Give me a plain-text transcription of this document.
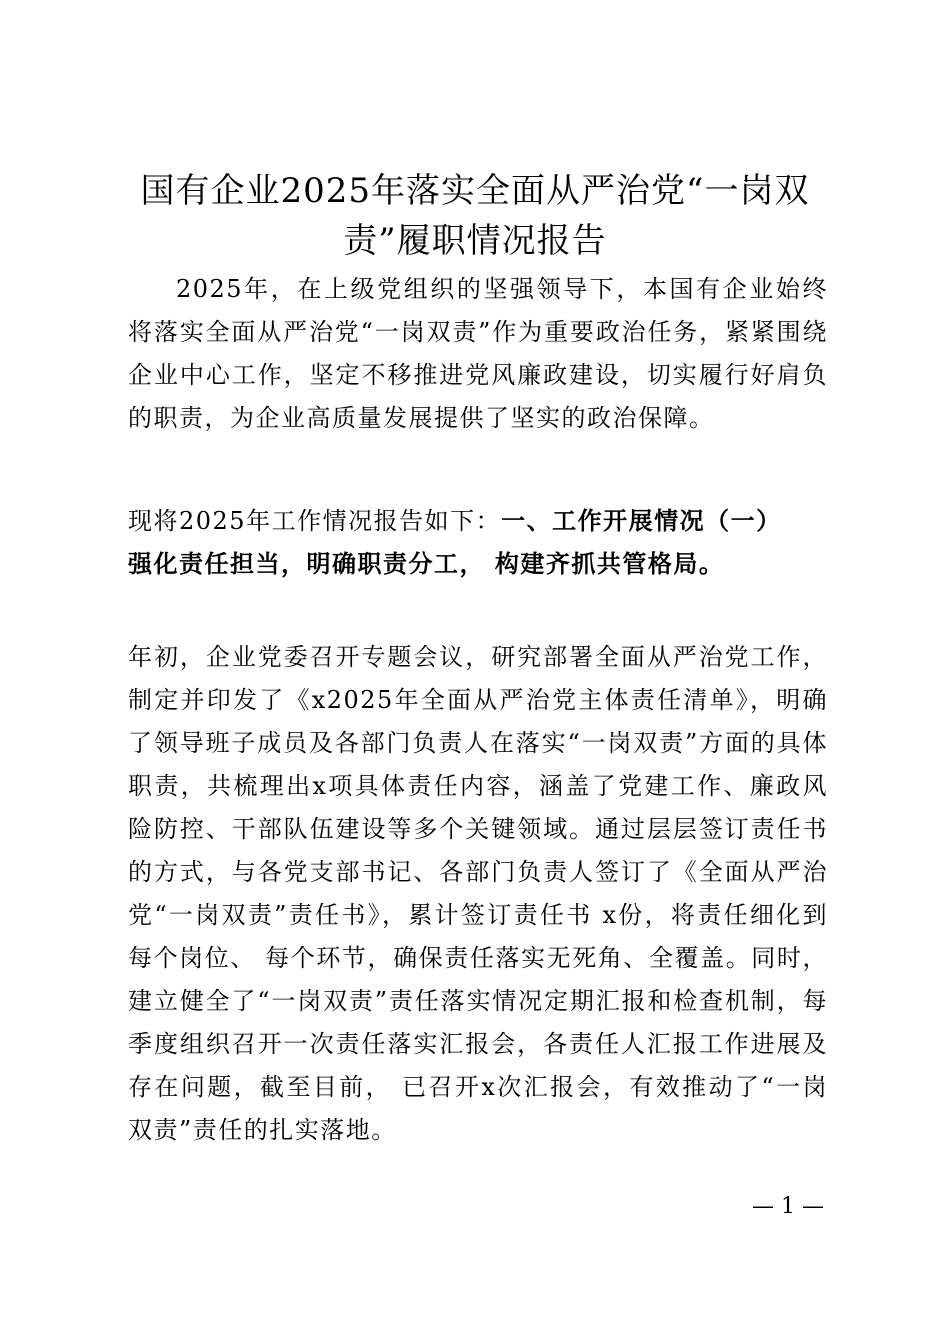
国有企业2025年落实全面从严治党“一岗双责”履职情况报告

2025年，在上级党组织的坚强领导下，本国有企业始终将落实全面从严治党“一岗双责”作为重要政治任务，紧紧围绕企业中心工作，坚定不移推进党风廉政建设，切实履行好肩负的职责，为企业高质量发展提供了坚实的政治保障。

现将2025年工作情况报告如下：一、工作开展情况（一）

强化责任担当，明确职责分工， 构建齐抓共管格局。

年初，企业党委召开专题会议，研究部署全面从严治党工作，制定并印发了《x2025年全面从严治党主体责任清单》，明确了领导班子成员及各部门负责人在落实“一岗双责”方面的具体职责，共梳理出x项具体责任内容，涵盖了党建工作、廉政风险防控、干部队伍建设等多个关键领域。通过层层签订责任书的方式，与各党支部书记、各部门负责人签订了《全面从严治党“一岗双责”责任书》，累计签订责任书 x份，将责任细化到每个岗位、 每个环节，确保责任落实无死角、全覆盖。同时，建立健全了“一岗双责”责任落实情况定期汇报和检查机制，每季度组织召开一次责任落实汇报会，各责任人汇报工作进展及存在问题，截至目前， 已召开x次汇报会，有效推动了“一岗双责”责任的扎实落地。

— 1 —
